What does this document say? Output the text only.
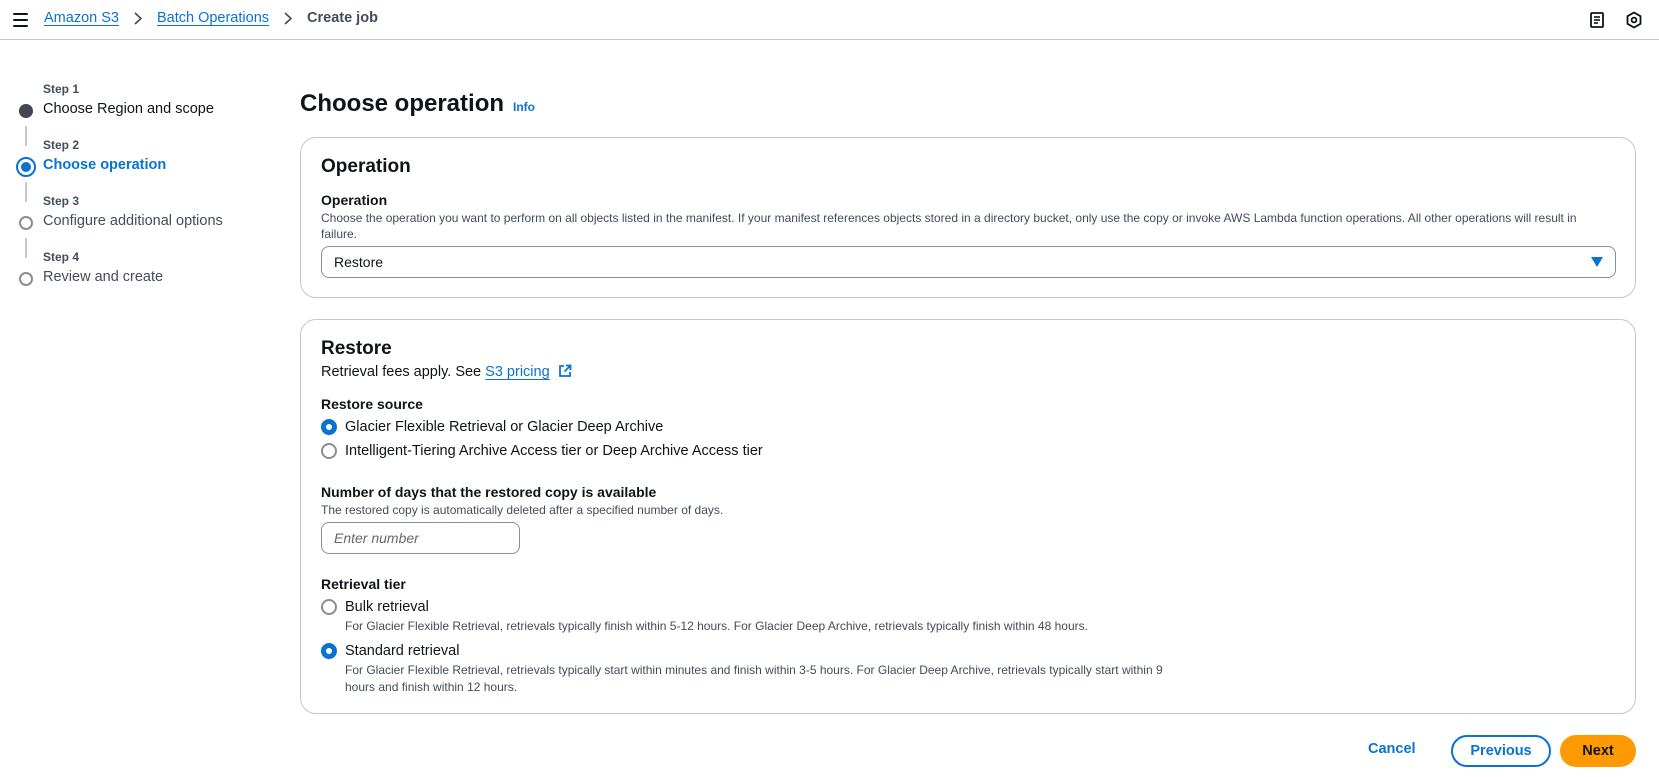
Amazon S3	Batch Operations	Create job
Step 1
Choose Region and scope
Step 2
Choose operation
Step 3
Configure additional options
Step 4
Review and create
Choose operation Info
Operation
Operation
Choose the operation you want to perform on all objects listed in the manifest. If your manifest references objects stored in a directory bucket, only use the copy or invoke AWS Lambda function operations. All other operations will result in failure.
Restore
Restore
Retrieval fees apply. See S3 pricing
Restore source
Glacier Flexible Retrieval or Glacier Deep Archive
Intelligent-Tiering Archive Access tier or Deep Archive Access tier
Number of days that the restored copy is available
The restored copy is automatically deleted after a specified number of days.
Enter number
Retrieval tier
Bulk retrieval
For Glacier Flexible Retrieval, retrievals typically finish within 5-12 hours. For Glacier Deep Archive, retrievals typically finish within 48 hours.
Standard retrieval
For Glacier Flexible Retrieval, retrievals typically start within minutes and finish within 3-5 hours. For Glacier Deep Archive, retrievals typically start within 9 hours and finish within 12 hours.
Cancel	Previous	Next
